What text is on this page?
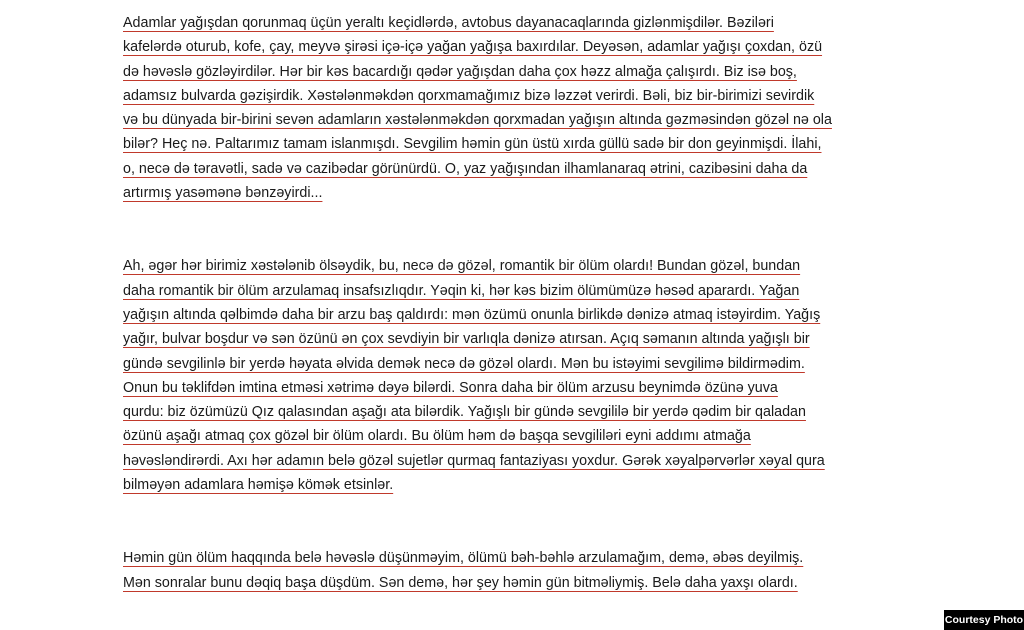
Adamlar yağışdan qorunmaq üçün yeraltı keçidlərdə, avtobus dayanacaqlarında gizlənmişdilər. Bəziləri
kafelərdə oturub, kofe, çay, meyvə şirəsi içə-içə yağan yağışa baxırdılar. Deyəsən, adamlar yağışı çoxdan, özü
də həvəslə gözləyirdilər. Hər bir kəs bacardığı qədər yağışdan daha çox həzz almağa çalışırdı. Biz isə boş,
adamsız bulvarda gəzişirdik. Xəstələnməkdən qorxmamağımız bizə ləzzət verirdi. Bəli, biz bir-birimizi sevirdik
və bu dünyada bir-birini sevən adamların xəstələnməkdən qorxmadan yağışın altında gəzməsindən gözəl nə ola
bilər? Heç nə. Paltarımız tamam islanmışdı. Sevgilim həmin gün üstü xırda güllü sadə bir don geyinmişdi. İlahi,
o, necə də təravətli, sadə və cazibədar görünürdü. O, yaz yağışından ilhamlanaraq ətrini, cazibəsini daha da
artırmış yasəmənə bənzəyirdi...

Ah, əgər hər birimiz xəstələnib ölsəydik, bu, necə də gözəl, romantik bir ölüm olardı! Bundan gözəl, bundan
daha romantik bir ölüm arzulamaq insafsızlıqdır. Yəqin ki, hər kəs bizim ölümümüzə həsəd aparardı. Yağan
yağışın altında qəlbimdə daha bir arzu baş qaldırdı: mən özümü onunla birlikdə dənizə atmaq istəyirdim. Yağış
yağır, bulvar boşdur və sən özünü ən çox sevdiyin bir varlıqla dənizə atırsan. Açıq səmanın altında yağışlı bir
gündə sevgilinlə bir yerdə həyata əlvida demək necə də gözəl olardı. Mən bu istəyimi sevgilimə bildirmədim.
Onun bu təklifdən imtina etməsi xətrimə dəyə bilərdi. Sonra daha bir ölüm arzusu beynimdə özünə yuva
qurdu: biz özümüzü Qız qalasından aşağı ata bilərdik. Yağışlı bir gündə sevgililə bir yerdə qədim bir qaladan
özünü aşağı atmaq çox gözəl bir ölüm olardı. Bu ölüm həm də başqa sevgililəri eyni addımı atmağa
həvəsləndirərdi. Axı hər adamın belə gözəl sujetlər qurmaq fantaziyası yoxdur. Gərək xəyalpərvərlər xəyal qura
bilməyən adamlara həmişə kömək etsinlər.

Həmin gün ölüm haqqında belə həvəslə düşünməyim, ölümü bəh-bəhlə arzulamağım, demə, əbəs deyilmiş.
Mən sonralar bunu dəqiq başa düşdüm. Sən demə, hər şey həmin gün bitməliymiş. Belə daha yaxşı olardı.

Courtesy Photo
